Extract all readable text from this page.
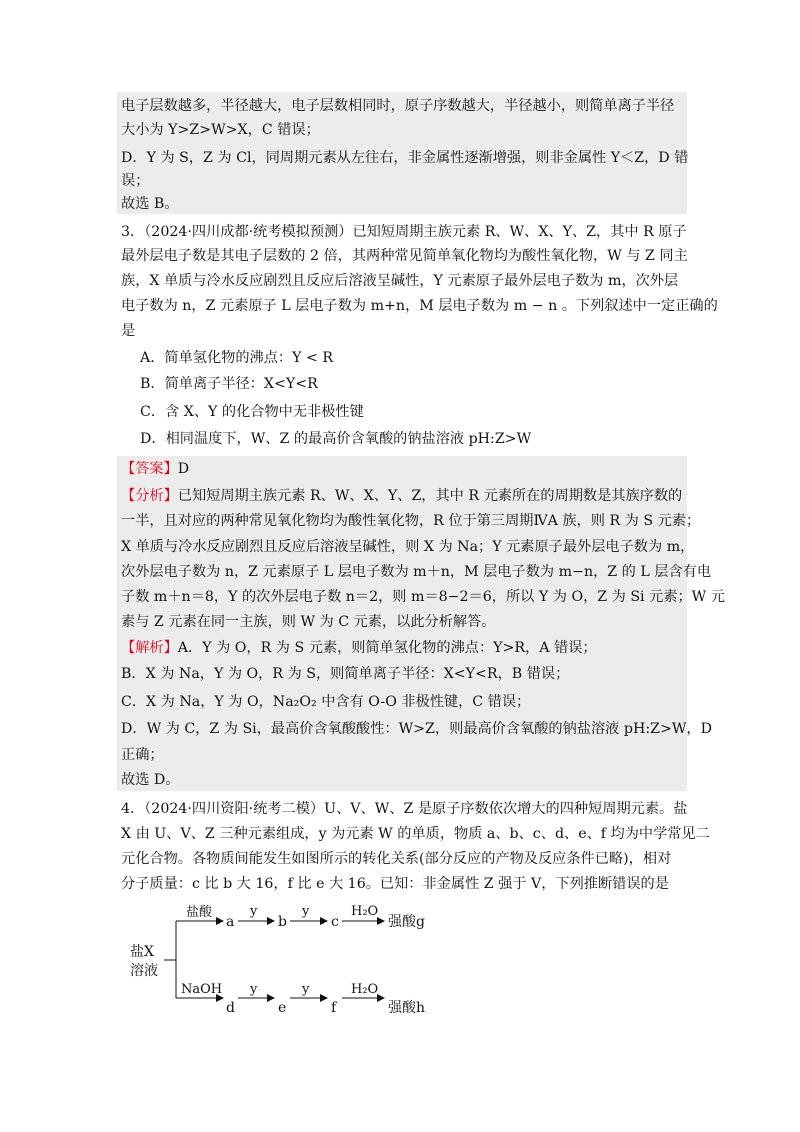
电子层数越多，半径越大，电子层数相同时，原子序数越大，半径越小，则简单离子半径
大小为 Y>Z>W>X，C 错误；
D．Y 为 S，Z 为 Cl，同周期元素从左往右，非金属性逐渐增强，则非金属性 Y＜Z，D 错
误；
故选 B。
3．（2024·四川成都·统考模拟预测）已知短周期主族元素 R、W、X、Y、Z，其中 R 原子
最外层电子数是其电子层数的 2 倍，其两种常见简单氧化物均为酸性氧化物，W 与 Z 同主
族，X 单质与冷水反应剧烈且反应后溶液呈碱性，Y 元素原子最外层电子数为 m，次外层
电子数为 n，Z 元素原子 L 层电子数为 m+n，M 层电子数为 m − n 。下列叙述中一定正确的
是
A．简单氢化物的沸点：Y < R
B．简单离子半径：X<Y<R
C．含 X、Y 的化合物中无非极性键
D．相同温度下，W、Z 的最高价含氧酸的钠盐溶液 pH:Z>W
【答案】D
【分析】已知短周期主族元素 R、W、X、Y、Z，其中 R 元素所在的周期数是其族序数的
一半，且对应的两种常见氧化物均为酸性氧化物，R 位于第三周期ⅣA 族，则 R 为 S 元素；
X 单质与冷水反应剧烈且反应后溶液呈碱性，则 X 为 Na；Y 元素原子最外层电子数为 m，
次外层电子数为 n，Z 元素原子 L 层电子数为 m＋n，M 层电子数为 m−n，Z 的 L 层含有电
子数 m＋n＝8，Y 的次外层电子数 n＝2，则 m＝8−2＝6，所以 Y 为 O，Z 为 Si 元素；W 元
素与 Z 元素在同一主族，则 W 为 C 元素，以此分析解答。
【解析】A．Y 为 O，R 为 S 元素，则简单氢化物的沸点：Y>R，A 错误；
B．X 为 Na，Y 为 O，R 为 S，则简单离子半径：X<Y<R，B 错误；
C．X 为 Na，Y 为 O，Na₂O₂ 中含有 O-O 非极性键，C 错误；
D．W 为 C，Z 为 Si，最高价含氧酸酸性：W>Z，则最高价含氧酸的钠盐溶液 pH:Z>W，D
正确；
故选 D。
4．（2024·四川资阳·统考二模）U、V、W、Z 是原子序数依次增大的四种短周期元素。盐
X 由 U、V、Z 三种元素组成，y 为元素 W 的单质，物质 a、b、c、d、e、f 均为中学常见二
元化合物。各物质间能发生如图所示的转化关系(部分反应的产物及反应条件已略)，相对
分子质量：c 比 b 大 16，f 比 e 大 16。已知：非金属性 Z 强于 V，下列推断错误的是
盐X
溶液
盐酸
a
y
b
y
c
H₂O
强酸g
NaOH
d
y
e
y
f
H₂O
强酸h
